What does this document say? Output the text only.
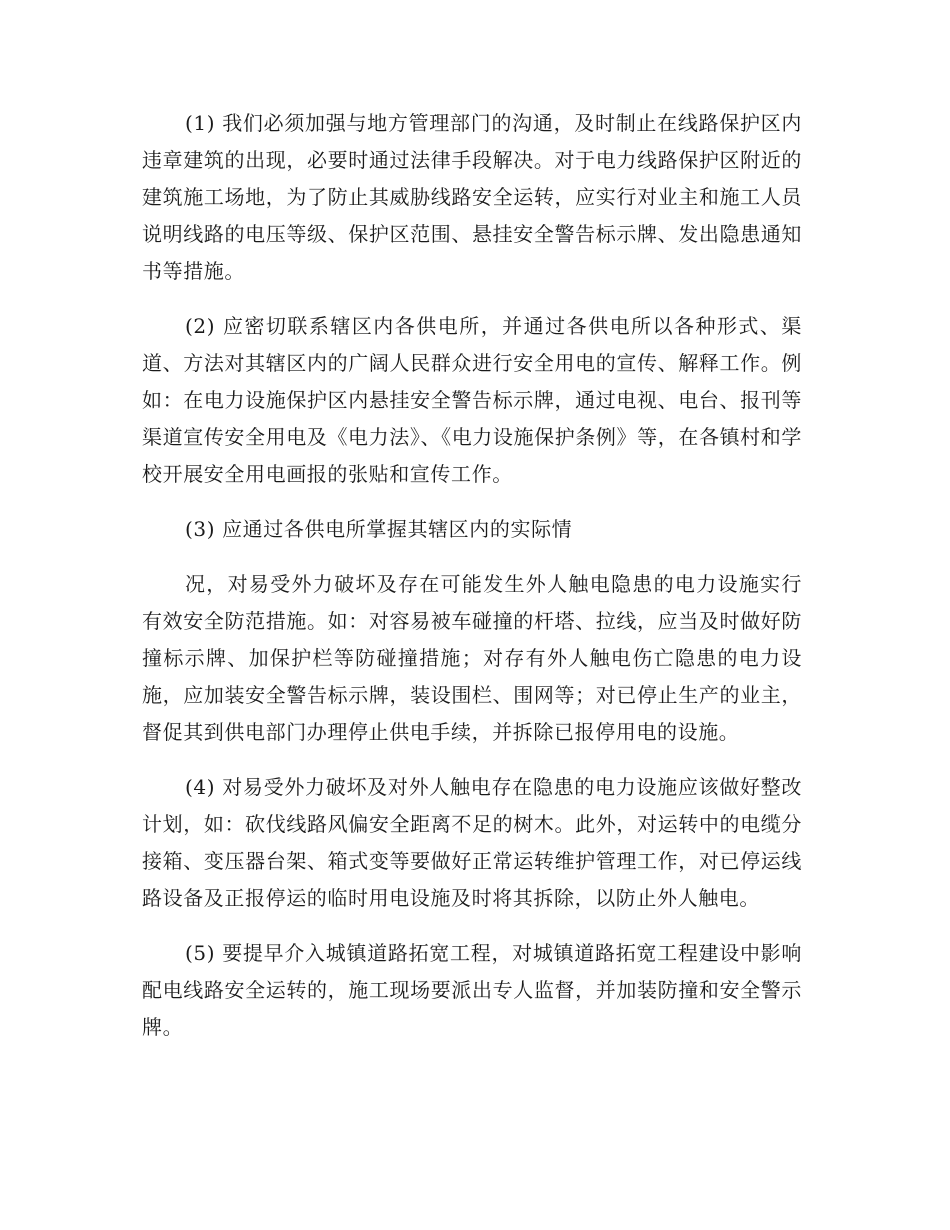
(1) 我们必须加强与地方管理部门的沟通，及时制止在线路保护区内违章建筑的出现，必要时通过法律手段解决。对于电力线路保护区附近的建筑施工场地，为了防止其威胁线路安全运转，应实行对业主和施工人员说明线路的电压等级、保护区范围、悬挂安全警告标示牌、发出隐患通知书等措施。

(2) 应密切联系辖区内各供电所，并通过各供电所以各种形式、渠道、方法对其辖区内的广阔人民群众进行安全用电的宣传、解释工作。例如：在电力设施保护区内悬挂安全警告标示牌，通过电视、电台、报刊等渠道宣传安全用电及《电力法》、《电力设施保护条例》等，在各镇村和学校开展安全用电画报的张贴和宣传工作。

(3) 应通过各供电所掌握其辖区内的实际情

况，对易受外力破坏及存在可能发生外人触电隐患的电力设施实行有效安全防范措施。如：对容易被车碰撞的杆塔、拉线，应当及时做好防撞标示牌、加保护栏等防碰撞措施；对存有外人触电伤亡隐患的电力设施，应加装安全警告标示牌，装设围栏、围网等；对已停止生产的业主，督促其到供电部门办理停止供电手续，并拆除已报停用电的设施。

(4) 对易受外力破坏及对外人触电存在隐患的电力设施应该做好整改计划，如：砍伐线路风偏安全距离不足的树木。此外，对运转中的电缆分接箱、变压器台架、箱式变等要做好正常运转维护管理工作，对已停运线路设备及正报停运的临时用电设施及时将其拆除，以防止外人触电。

(5) 要提早介入城镇道路拓宽工程，对城镇道路拓宽工程建设中影响配电线路安全运转的，施工现场要派出专人监督，并加装防撞和安全警示牌。
